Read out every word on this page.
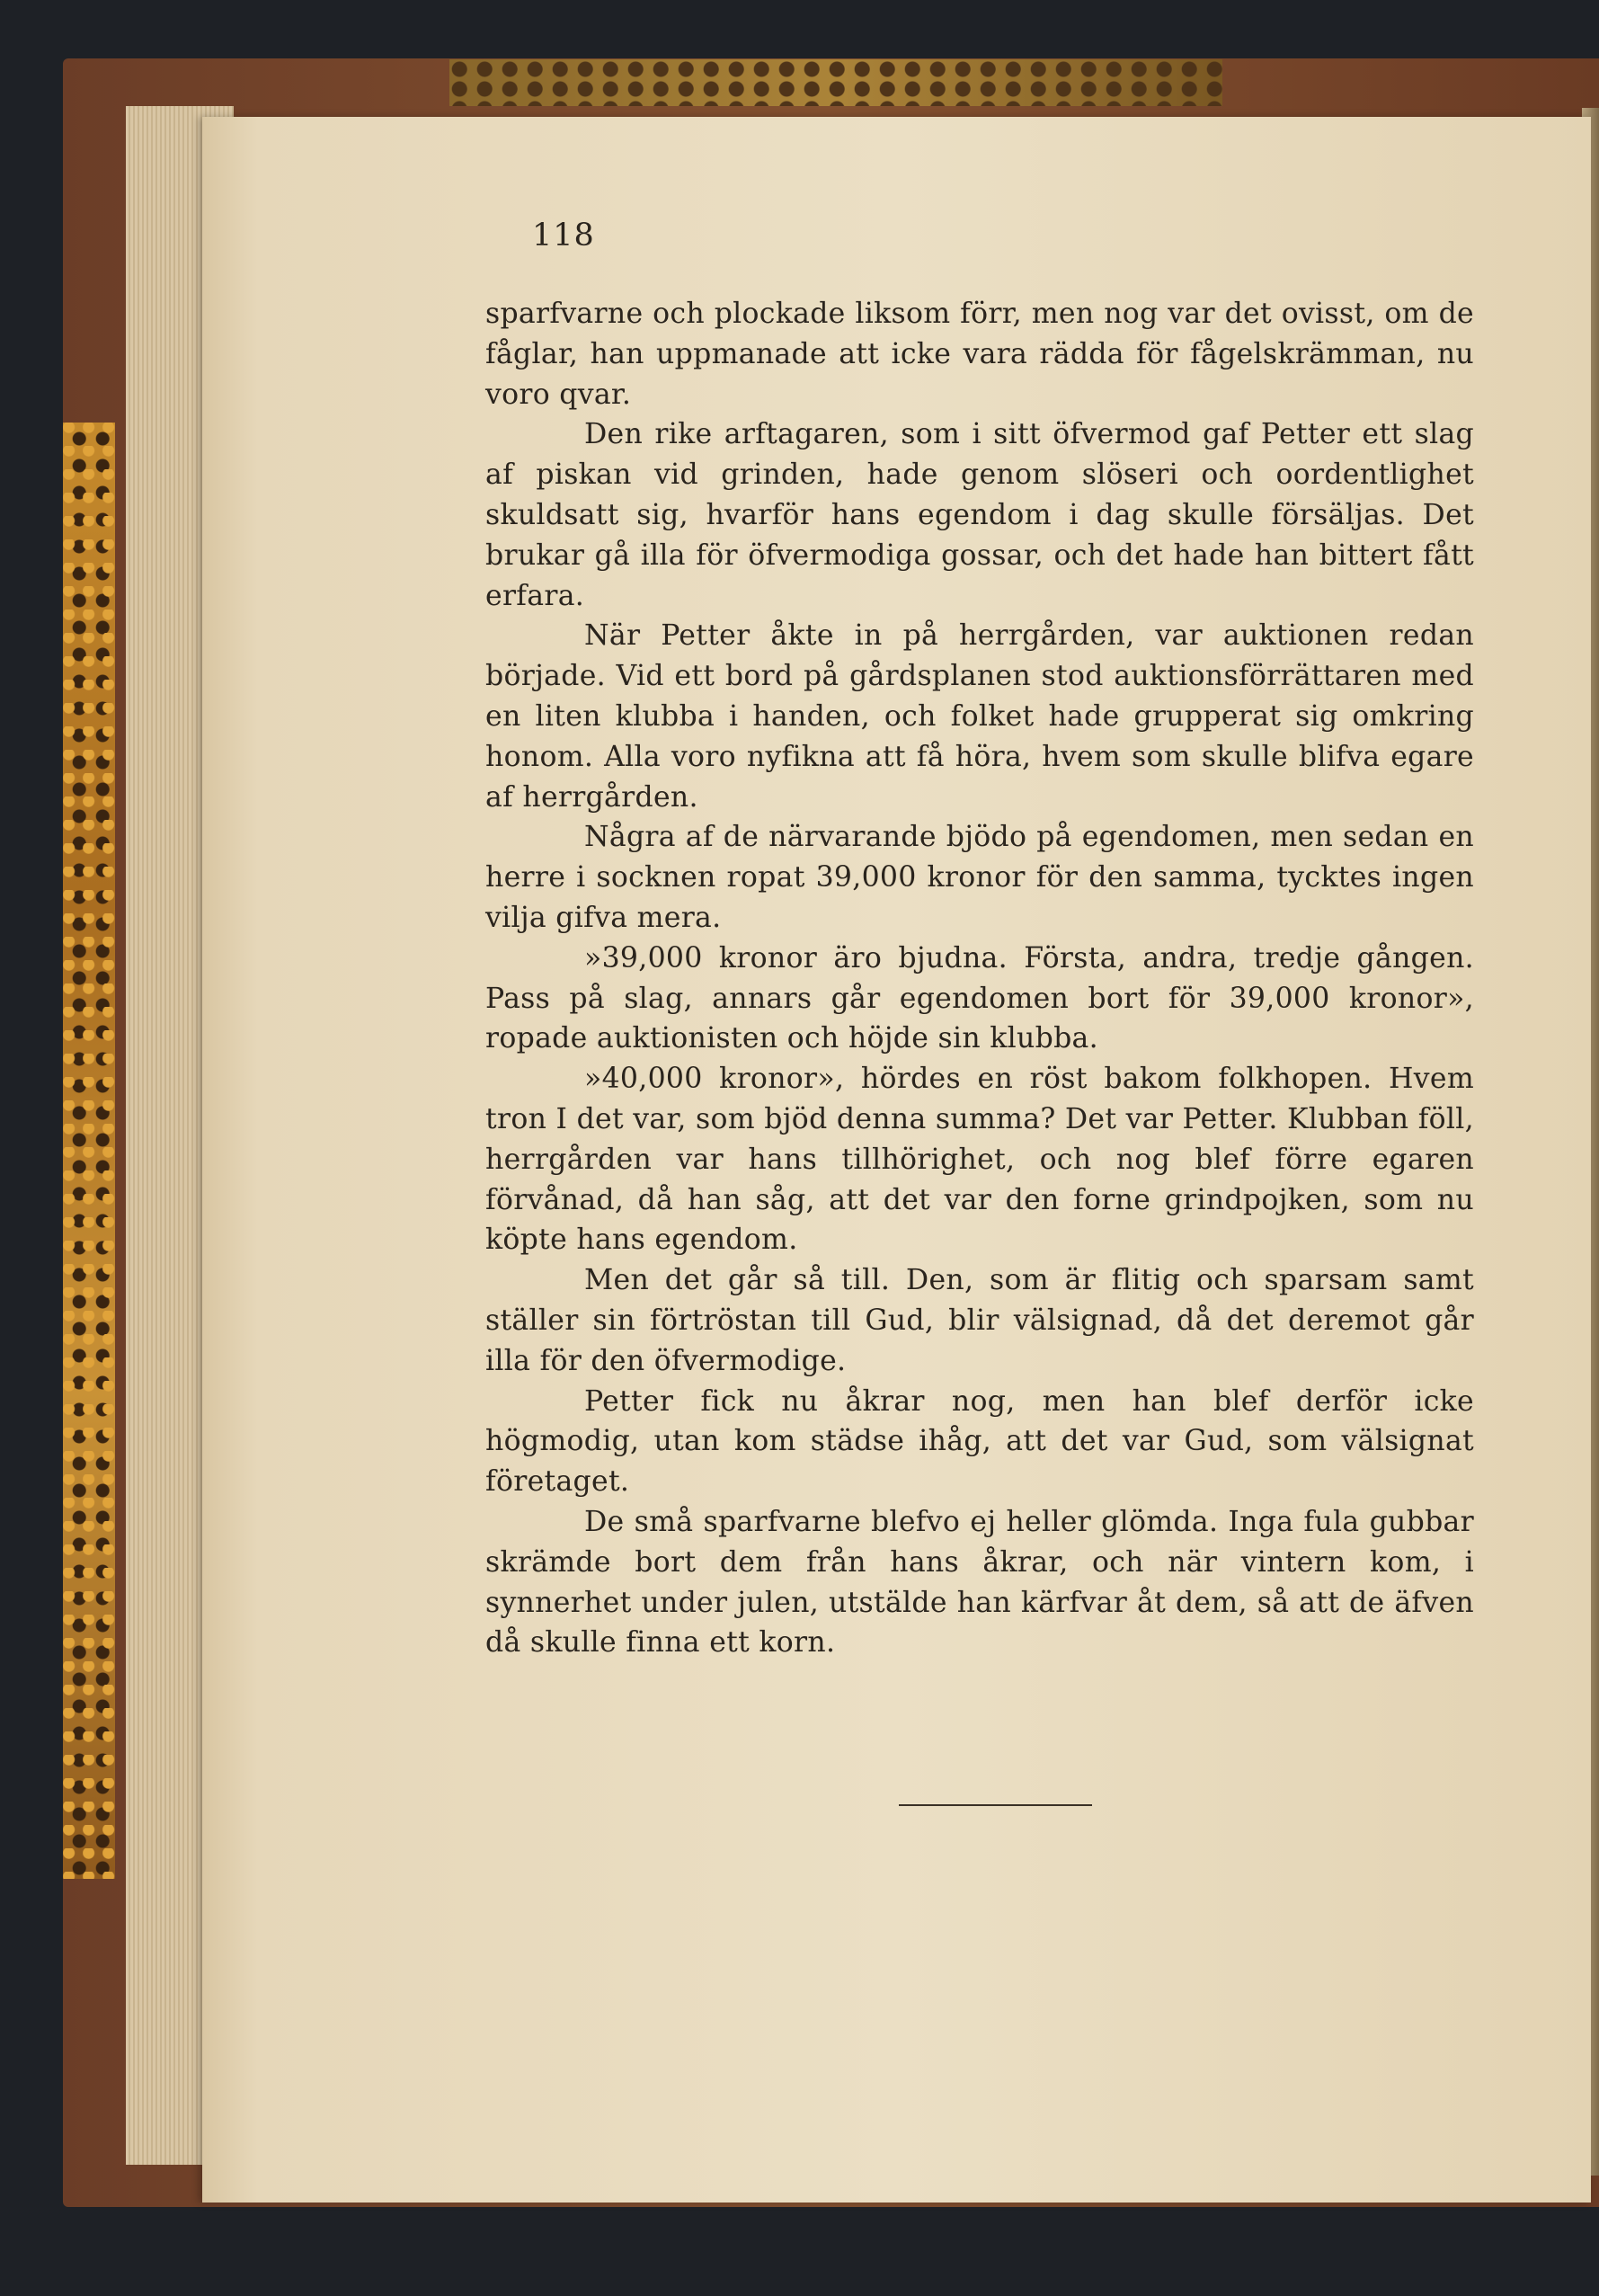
118

sparfvarne och plockade liksom förr, men nog var det ovisst, om de fåglar, han uppmanade att icke vara rädda för fågelskrämman, nu voro qvar.

Den rike arftagaren, som i sitt öfvermod gaf Petter ett slag af piskan vid grinden, hade genom slöseri och oordentlighet skuldsatt sig, hvarför hans egendom i dag skulle försäljas. Det brukar gå illa för öfvermodiga gossar, och det hade han bittert fått erfara.

När Petter åkte in på herrgården, var auktionen redan började. Vid ett bord på gårdsplanen stod auktionsförrättaren med en liten klubba i handen, och folket hade grupperat sig omkring honom. Alla voro nyfikna att få höra, hvem som skulle blifva egare af herrgården.

Några af de närvarande bjödo på egendomen, men sedan en herre i socknen ropat 39,000 kronor för den samma, tycktes ingen vilja gifva mera.

»39,000 kronor äro bjudna. Första, andra, tredje gången. Pass på slag, annars går egendomen bort för 39,000 kronor», ropade auktionisten och höjde sin klubba.

»40,000 kronor», hördes en röst bakom folkhopen. Hvem tron I det var, som bjöd denna summa? Det var Petter. Klubban föll, herrgården var hans tillhörighet, och nog blef förre egaren förvånad, då han såg, att det var den forne grindpojken, som nu köpte hans egendom.

Men det går så till. Den, som är flitig och sparsam samt ställer sin förtröstan till Gud, blir välsignad, då det deremot går illa för den öfvermodige.

Petter fick nu åkrar nog, men han blef derför icke högmodig, utan kom städse ihåg, att det var Gud, som välsignat företaget.

De små sparfvarne blefvo ej heller glömda. Inga fula gubbar skrämde bort dem från hans åkrar, och när vintern kom, i synnerhet under julen, utstälde han kärfvar åt dem, så att de äfven då skulle finna ett korn.
